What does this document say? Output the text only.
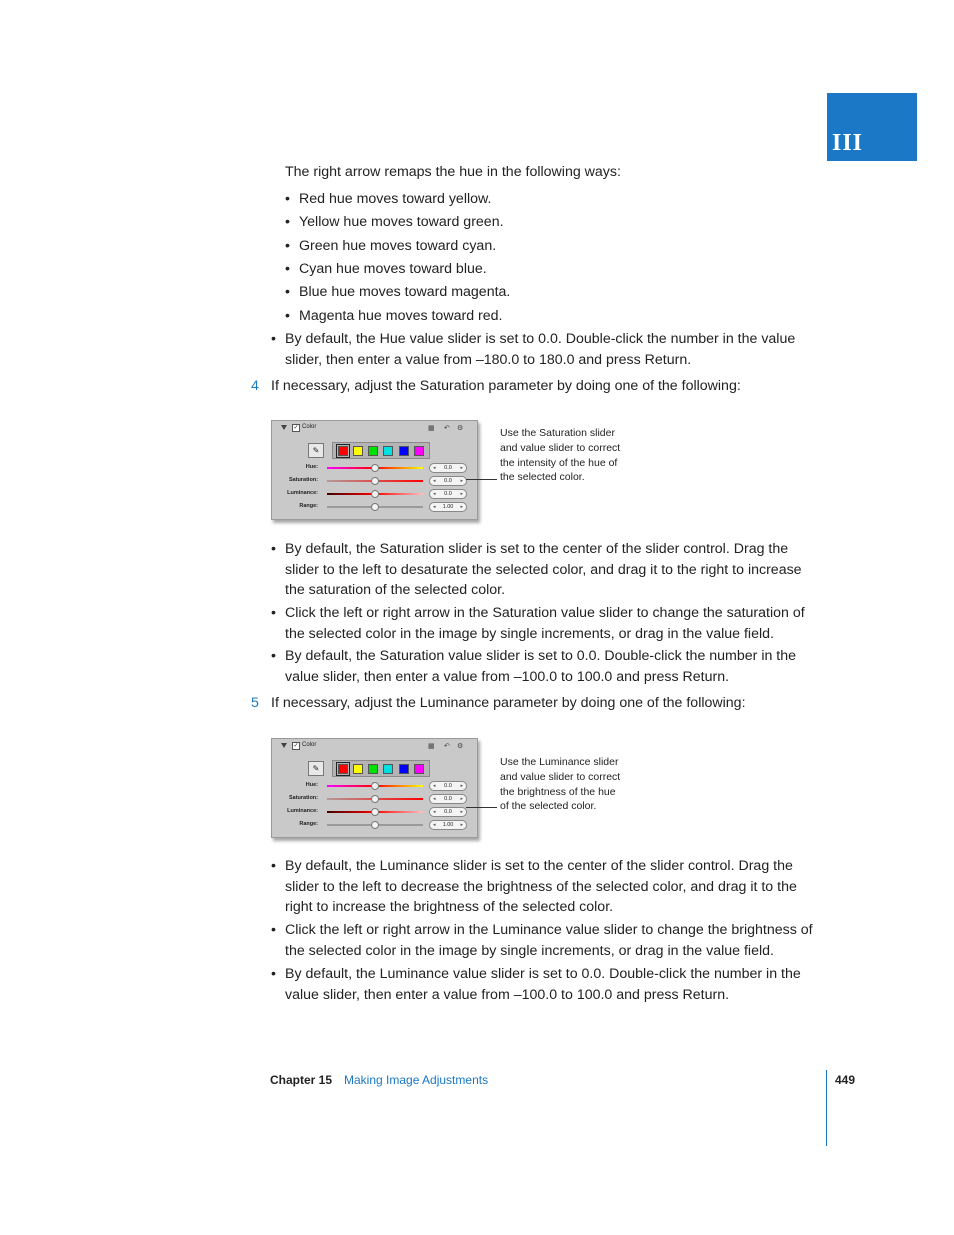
III
The right arrow remaps the hue in the following ways:
• Red hue moves toward yellow.
• Yellow hue moves toward green.
• Green hue moves toward cyan.
• Cyan hue moves toward blue.
• Blue hue moves toward magenta.
• Magenta hue moves toward red.
• By default, the Hue value slider is set to 0.0. Double-click the number in the value
slider, then enter a value from –180.0 to 180.0 and press Return.
4 If necessary, adjust the Saturation parameter by doing one of the following:
✓ Color	▦ ↶ ⚙
✎
Hue:	◂ 0.0 ▸
Saturation:	◂ 0.0 ▸
Luminance:	◂ 0.0 ▸
Range:	◂ 1.00 ▸
Use the Saturation slider
and value slider to correct
the intensity of the hue of
the selected color.
• By default, the Saturation slider is set to the center of the slider control. Drag the
slider to the left to desaturate the selected color, and drag it to the right to increase
the saturation of the selected color.
• Click the left or right arrow in the Saturation value slider to change the saturation of
the selected color in the image by single increments, or drag in the value field.
• By default, the Saturation value slider is set to 0.0. Double-click the number in the
value slider, then enter a value from –100.0 to 100.0 and press Return.
5 If necessary, adjust the Luminance parameter by doing one of the following:
✓ Color	▦ ↶ ⚙
✎
Hue:	◂ 0.0 ▸
Saturation:	◂ 0.0 ▸
Luminance:	◂ 0.0 ▸
Range:	◂ 1.00 ▸
Use the Luminance slider
and value slider to correct
the brightness of the hue
of the selected color.
• By default, the Luminance slider is set to the center of the slider control. Drag the
slider to the left to decrease the brightness of the selected color, and drag it to the
right to increase the brightness of the selected color.
• Click the left or right arrow in the Luminance value slider to change the brightness of
the selected color in the image by single increments, or drag in the value field.
• By default, the Luminance value slider is set to 0.0. Double-click the number in the
value slider, then enter a value from –100.0 to 100.0 and press Return.
Chapter 15 Making Image Adjustments	449
